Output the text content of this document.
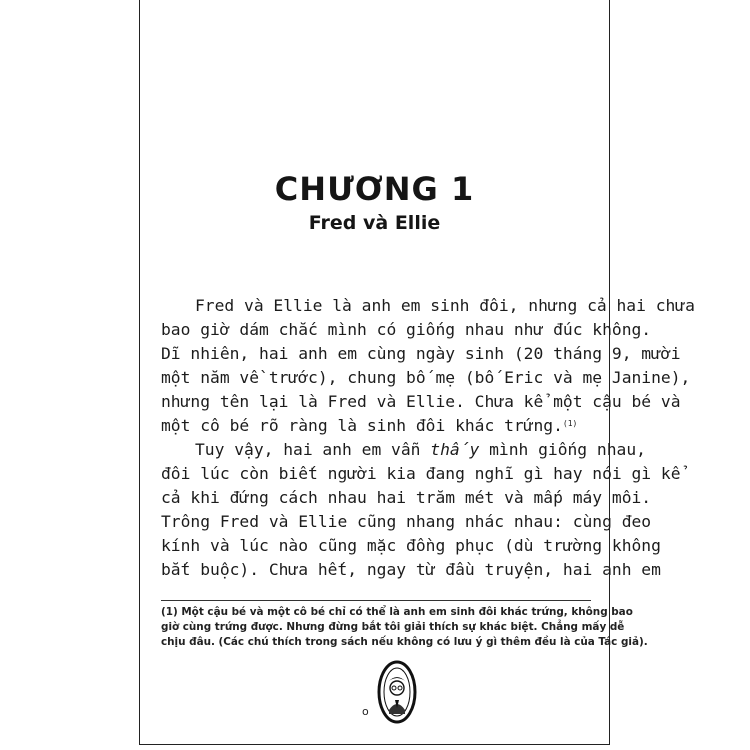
CHƯƠNG 1
Fred và Ellie
Fred và Ellie là anh em sinh đôi, nhưng cả hai chưa
bao giờ dám chắc mình có giống nhau như đúc không.
Dĩ nhiên, hai anh em cùng ngày sinh (20 tháng 9, mười
một năm về trước), chung bố mẹ (bố Eric và mẹ Janine),
nhưng tên lại là Fred và Ellie. Chưa kể một cậu bé và
một cô bé rõ ràng là sinh đôi khác trứng.$^{(1)}$
Tuy vậy, hai anh em vẫn thấy mình giống nhau,
đôi lúc còn biết người kia đang nghĩ gì hay nói gì kể
cả khi đứng cách nhau hai trăm mét và mấp máy môi.
Trông Fred và Ellie cũng nhang nhác nhau: cùng đeo
kính và lúc nào cũng mặc đồng phục (dù trường không
bắt buộc). Chưa hết, ngay từ đầu truyện, hai anh em
(1) Một cậu bé và một cô bé chỉ có thể là anh em sinh đôi khác trứng, không bao
giờ cùng trứng được. Nhưng đừng bắt tôi giải thích sự khác biệt. Chẳng mấy dễ
chịu đâu. (Các chú thích trong sách nếu không có lưu ý gì thêm đều là của Tác giả).
o
